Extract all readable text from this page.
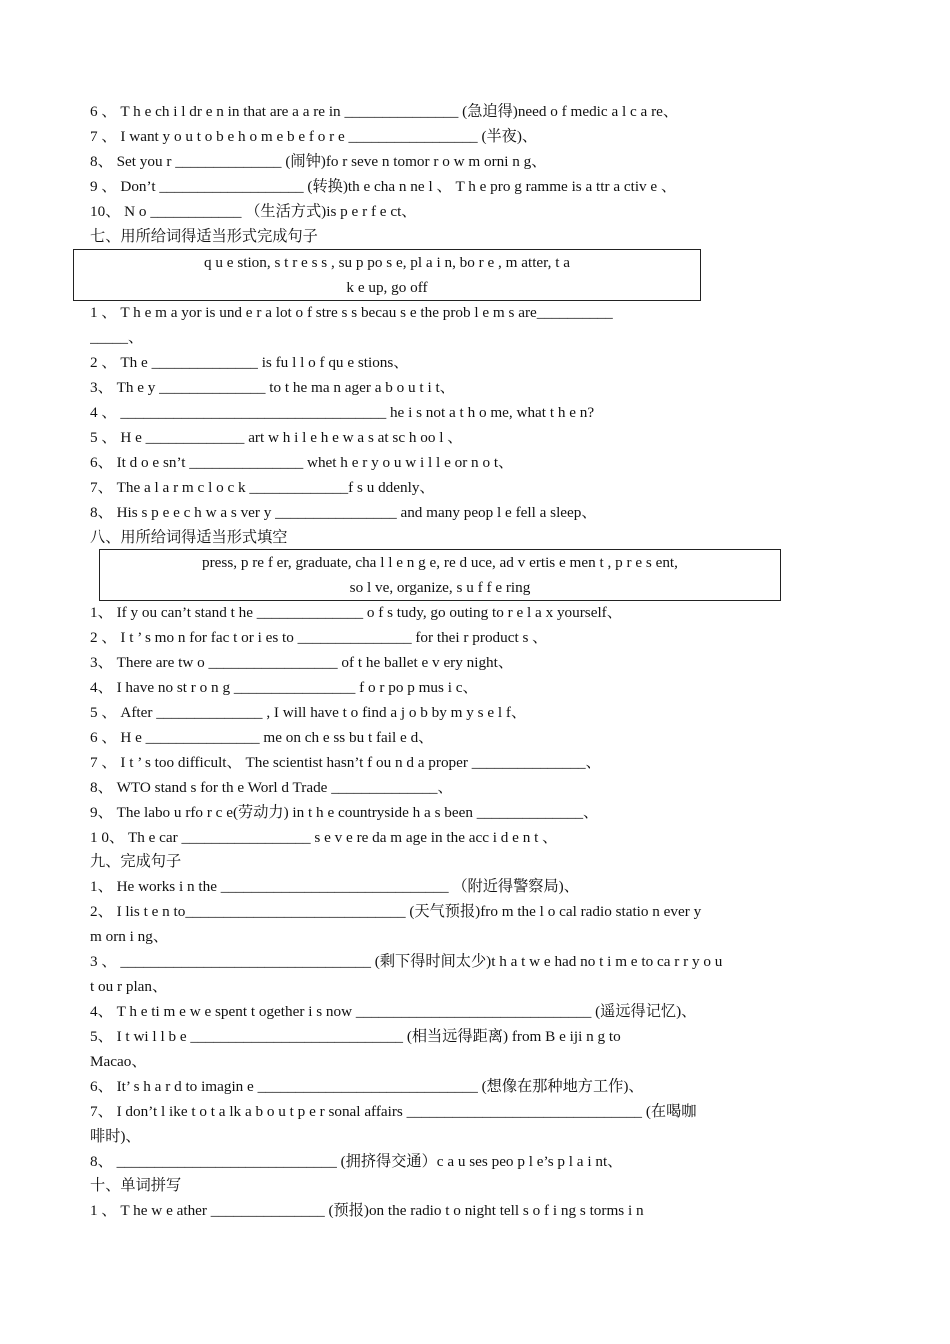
6 、 T h e ch i l dr e n in that are a a re in _______________ (急迫得)need o f medic a l c a re、
7 、 I want y o u t o b e h o m e b e f o r e _________________ (半夜)、
8、 Set you r ______________ (闹钟)fo r seve n tomor r o w m orni n g、
9 、 Don’t ___________________ (转换)th e cha n ne l 、 T h e pro g ramme is a ttr a ctiv e 、
10、 N o ____________ （生活方式)is p e r f e ct、
七、用所给词得适当形式完成句子
q u e stion, s t r e s s , su p po s e, pl a i n, bo r e , m atter, t a
k e up, go off
1 、 T h e m a yor is und e r a lot o f stre s s becau s e the prob l e m s are__________
_____、
2 、 Th e ______________ is fu l l o f qu e stions、
3、 Th e y ______________ to t he ma n ager a b o u t i t、
4 、 ___________________________________ he i s not a t h o me, what t h e n?
5 、 H e _____________ art w h i l e h e w a s at sc h oo l 、
6、 It d o e sn’t _______________ whet h e r y o u w i l l e or n o t、
7、 The a l a r m c l o c k _____________f s u ddenly、
8、 His s p e e c h w a s ver y ________________ and many peop l e fell a sleep、
八、用所给词得适当形式填空
press, p re f er, graduate, cha l l e n g e, re d uce, ad v ertis e men t , p r e s ent,
so l ve, organize, s u f f e ring
1、 If y ou can’t stand t he ______________ o f s tudy, go outing to r e l a x yourself、
2 、 I t ’ s mo n for fac t or i es to _______________ for thei r product s 、
3、 There are tw o _________________ of t he ballet e v ery night、
4、 I have no st r o n g ________________ f o r po p mus i c、
5 、 After ______________ , I will have t o find a j o b by m y s e l f、
6 、 H e _______________ me on ch e ss bu t fail e d、
7 、 I t ’ s too difficult、 The scientist hasn’t f ou n d a proper _______________、
8、 WTO stand s for th e Worl d Trade ______________、
9、 The labo u rfo r c e(劳动力) in t h e countryside h a s been ______________、
1 0、 Th e car _________________ s e v e re da m age in the acc i d e n t 、
九、完成句子
1、 He works i n the ______________________________ （附近得警察局)、
2、 I lis t e n to_____________________________ (天气预报)fro m the l o cal radio statio n ever y
m orn i ng、
3 、 _________________________________ (剩下得时间太少)t h a t w e had no t i m e to ca r r y o u
t ou r plan、
4、 T h e ti m e w e spent t ogether i s now _______________________________ (遥远得记忆)、
5、 I t wi l l b e ____________________________ (相当远得距离) from B e iji n g to
Macao、
6、 It’ s h a r d to imagin e _____________________________ (想像在那种地方工作)、
7、 I don’t l ike t o t a lk a b o u t p e r sonal affairs _______________________________ (在喝咖
啡时)、
8、 _____________________________ (拥挤得交通）c a u ses peo p l e’s p l a i nt、
十、单词拼写
1 、 T he w e ather _______________ (预报)on the radio t o night tell s o f i ng s torms i n
